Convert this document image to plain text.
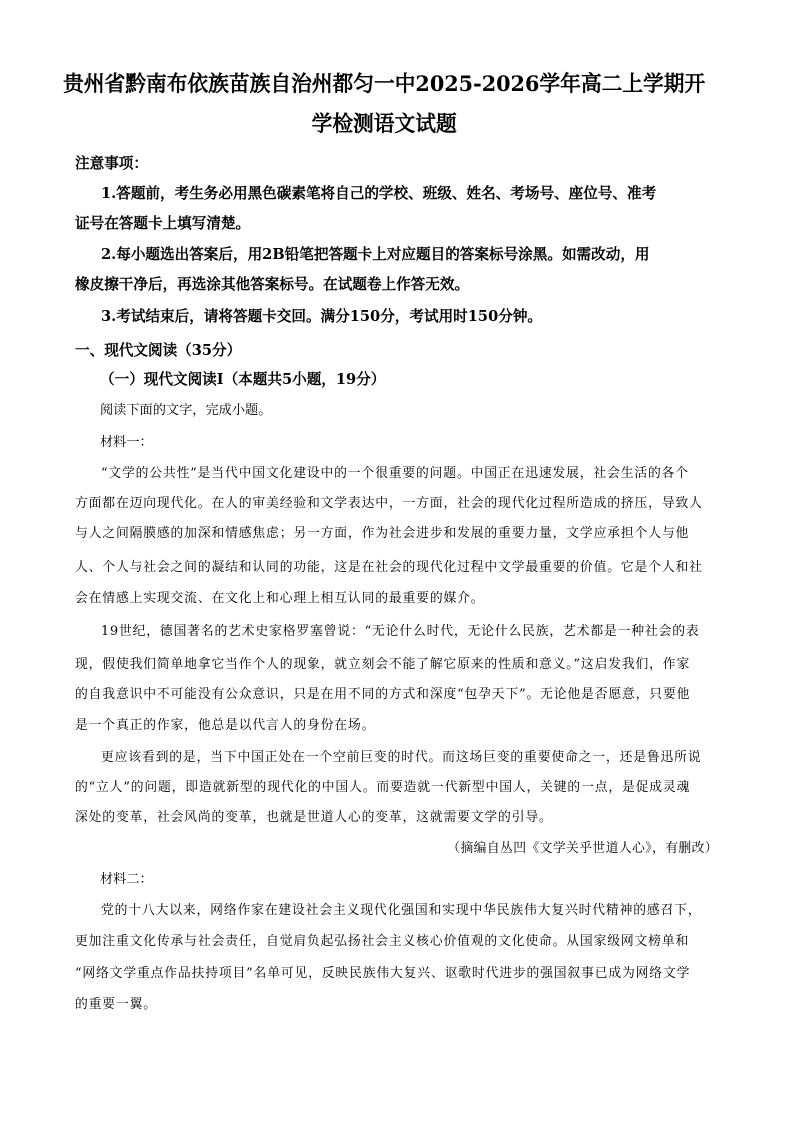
贵州省黔南布依族苗族自治州都匀一中2025-2026学年高二上学期开
学检测语文试题
注意事项：
1.答题前，考生务必用黑色碳素笔将自己的学校、班级、姓名、考场号、座位号、准考
证号在答题卡上填写清楚。
2.每小题选出答案后，用2B铅笔把答题卡上对应题目的答案标号涂黑。如需改动，用
橡皮擦干净后，再选涂其他答案标号。在试题卷上作答无效。
3.考试结束后，请将答题卡交回。满分150分，考试用时150分钟。
一、现代文阅读（35分）
（一）现代文阅读Ⅰ（本题共5小题，19分）
阅读下面的文字，完成小题。
材料一：
“文学的公共性”是当代中国文化建设中的一个很重要的问题。中国正在迅速发展，社会生活的各个
方面都在迈向现代化。在人的审美经验和文学表达中，一方面，社会的现代化过程所造成的挤压，导致人
与人之间隔膜感的加深和情感焦虑；另一方面，作为社会进步和发展的重要力量，文学应承担个人与他
人、个人与社会之间的凝结和认同的功能，这是在社会的现代化过程中文学最重要的价值。它是个人和社
会在情感上实现交流、在文化上和心理上相互认同的最重要的媒介。
19世纪，德国著名的艺术史家格罗塞曾说：“无论什么时代，无论什么民族，艺术都是一种社会的表
现，假使我们简单地拿它当作个人的现象，就立刻会不能了解它原来的性质和意义。”这启发我们，作家
的自我意识中不可能没有公众意识，只是在用不同的方式和深度“包孕天下”。无论他是否愿意，只要他
是一个真正的作家，他总是以代言人的身份在场。
更应该看到的是，当下中国正处在一个空前巨变的时代。而这场巨变的重要使命之一，还是鲁迅所说
的“立人”的问题，即造就新型的现代化的中国人。而要造就一代新型中国人，关键的一点，是促成灵魂
深处的变革，社会风尚的变革，也就是世道人心的变革，这就需要文学的引导。
（摘编自丛凹《文学关乎世道人心》，有删改）
材料二：
党的十八大以来，网络作家在建设社会主义现代化强国和实现中华民族伟大复兴时代精神的感召下，
更加注重文化传承与社会责任，自觉肩负起弘扬社会主义核心价值观的文化使命。从国家级网文榜单和
“网络文学重点作品扶持项目”名单可见，反映民族伟大复兴、讴歌时代进步的强国叙事已成为网络文学
的重要一翼。
